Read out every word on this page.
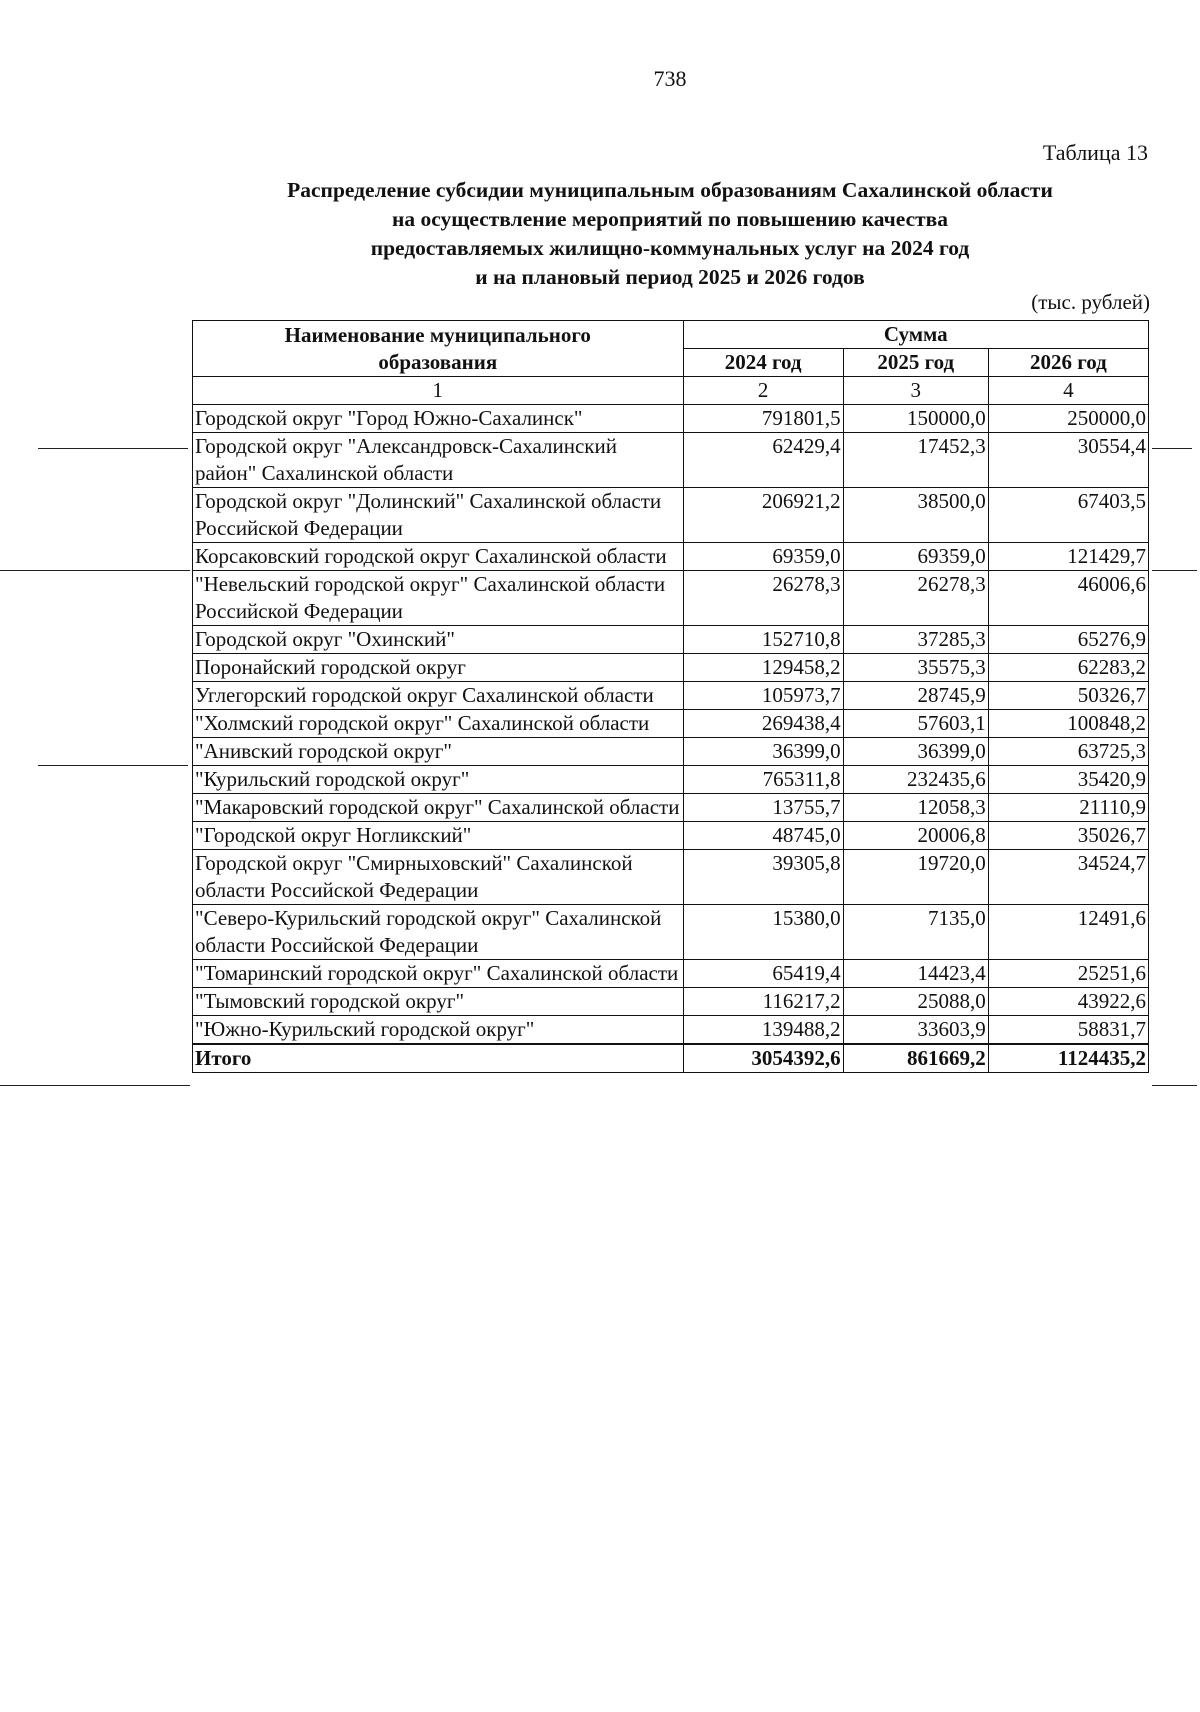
738
Таблица 13
Распределение субсидии муниципальным образованиям Сахалинской области
на осуществление мероприятий по повышению качества
предоставляемых жилищно-коммунальных услуг на 2024 год
и на плановый период 2025 и 2026 годов
(тыс. рублей)
Наименование муниципального образования	Сумма		
	2024 год	2025 год	2026 год
1	2	3	4
Городской округ "Город Южно-Сахалинск"	791801,5	150000,0	250000,0
Городской округ "Александровск-Сахалинский район" Сахалинской области	62429,4	17452,3	30554,4
Городской округ "Долинский" Сахалинской области Российской Федерации	206921,2	38500,0	67403,5
Корсаковский городской округ Сахалинской области	69359,0	69359,0	121429,7
"Невельский городской округ" Сахалинской области Российской Федерации	26278,3	26278,3	46006,6
Городской округ "Охинский"	152710,8	37285,3	65276,9
Поронайский городской округ	129458,2	35575,3	62283,2
Углегорский городской округ Сахалинской области	105973,7	28745,9	50326,7
"Холмский городской округ" Сахалинской области	269438,4	57603,1	100848,2
"Анивский городской округ"	36399,0	36399,0	63725,3
"Курильский городской округ"	765311,8	232435,6	35420,9
"Макаровский городской округ" Сахалинской области	13755,7	12058,3	21110,9
"Городской округ Ногликский"	48745,0	20006,8	35026,7
Городской округ "Смирныховский" Сахалинской области Российской Федерации	39305,8	19720,0	34524,7
"Северо-Курильский городской округ" Сахалинской области Российской Федерации	15380,0	7135,0	12491,6
"Томаринский городской округ" Сахалинской области	65419,4	14423,4	25251,6
"Тымовский городской округ"	116217,2	25088,0	43922,6
"Южно-Курильский городской округ"	139488,2	33603,9	58831,7
Итого	3054392,6	861669,2	1124435,2
